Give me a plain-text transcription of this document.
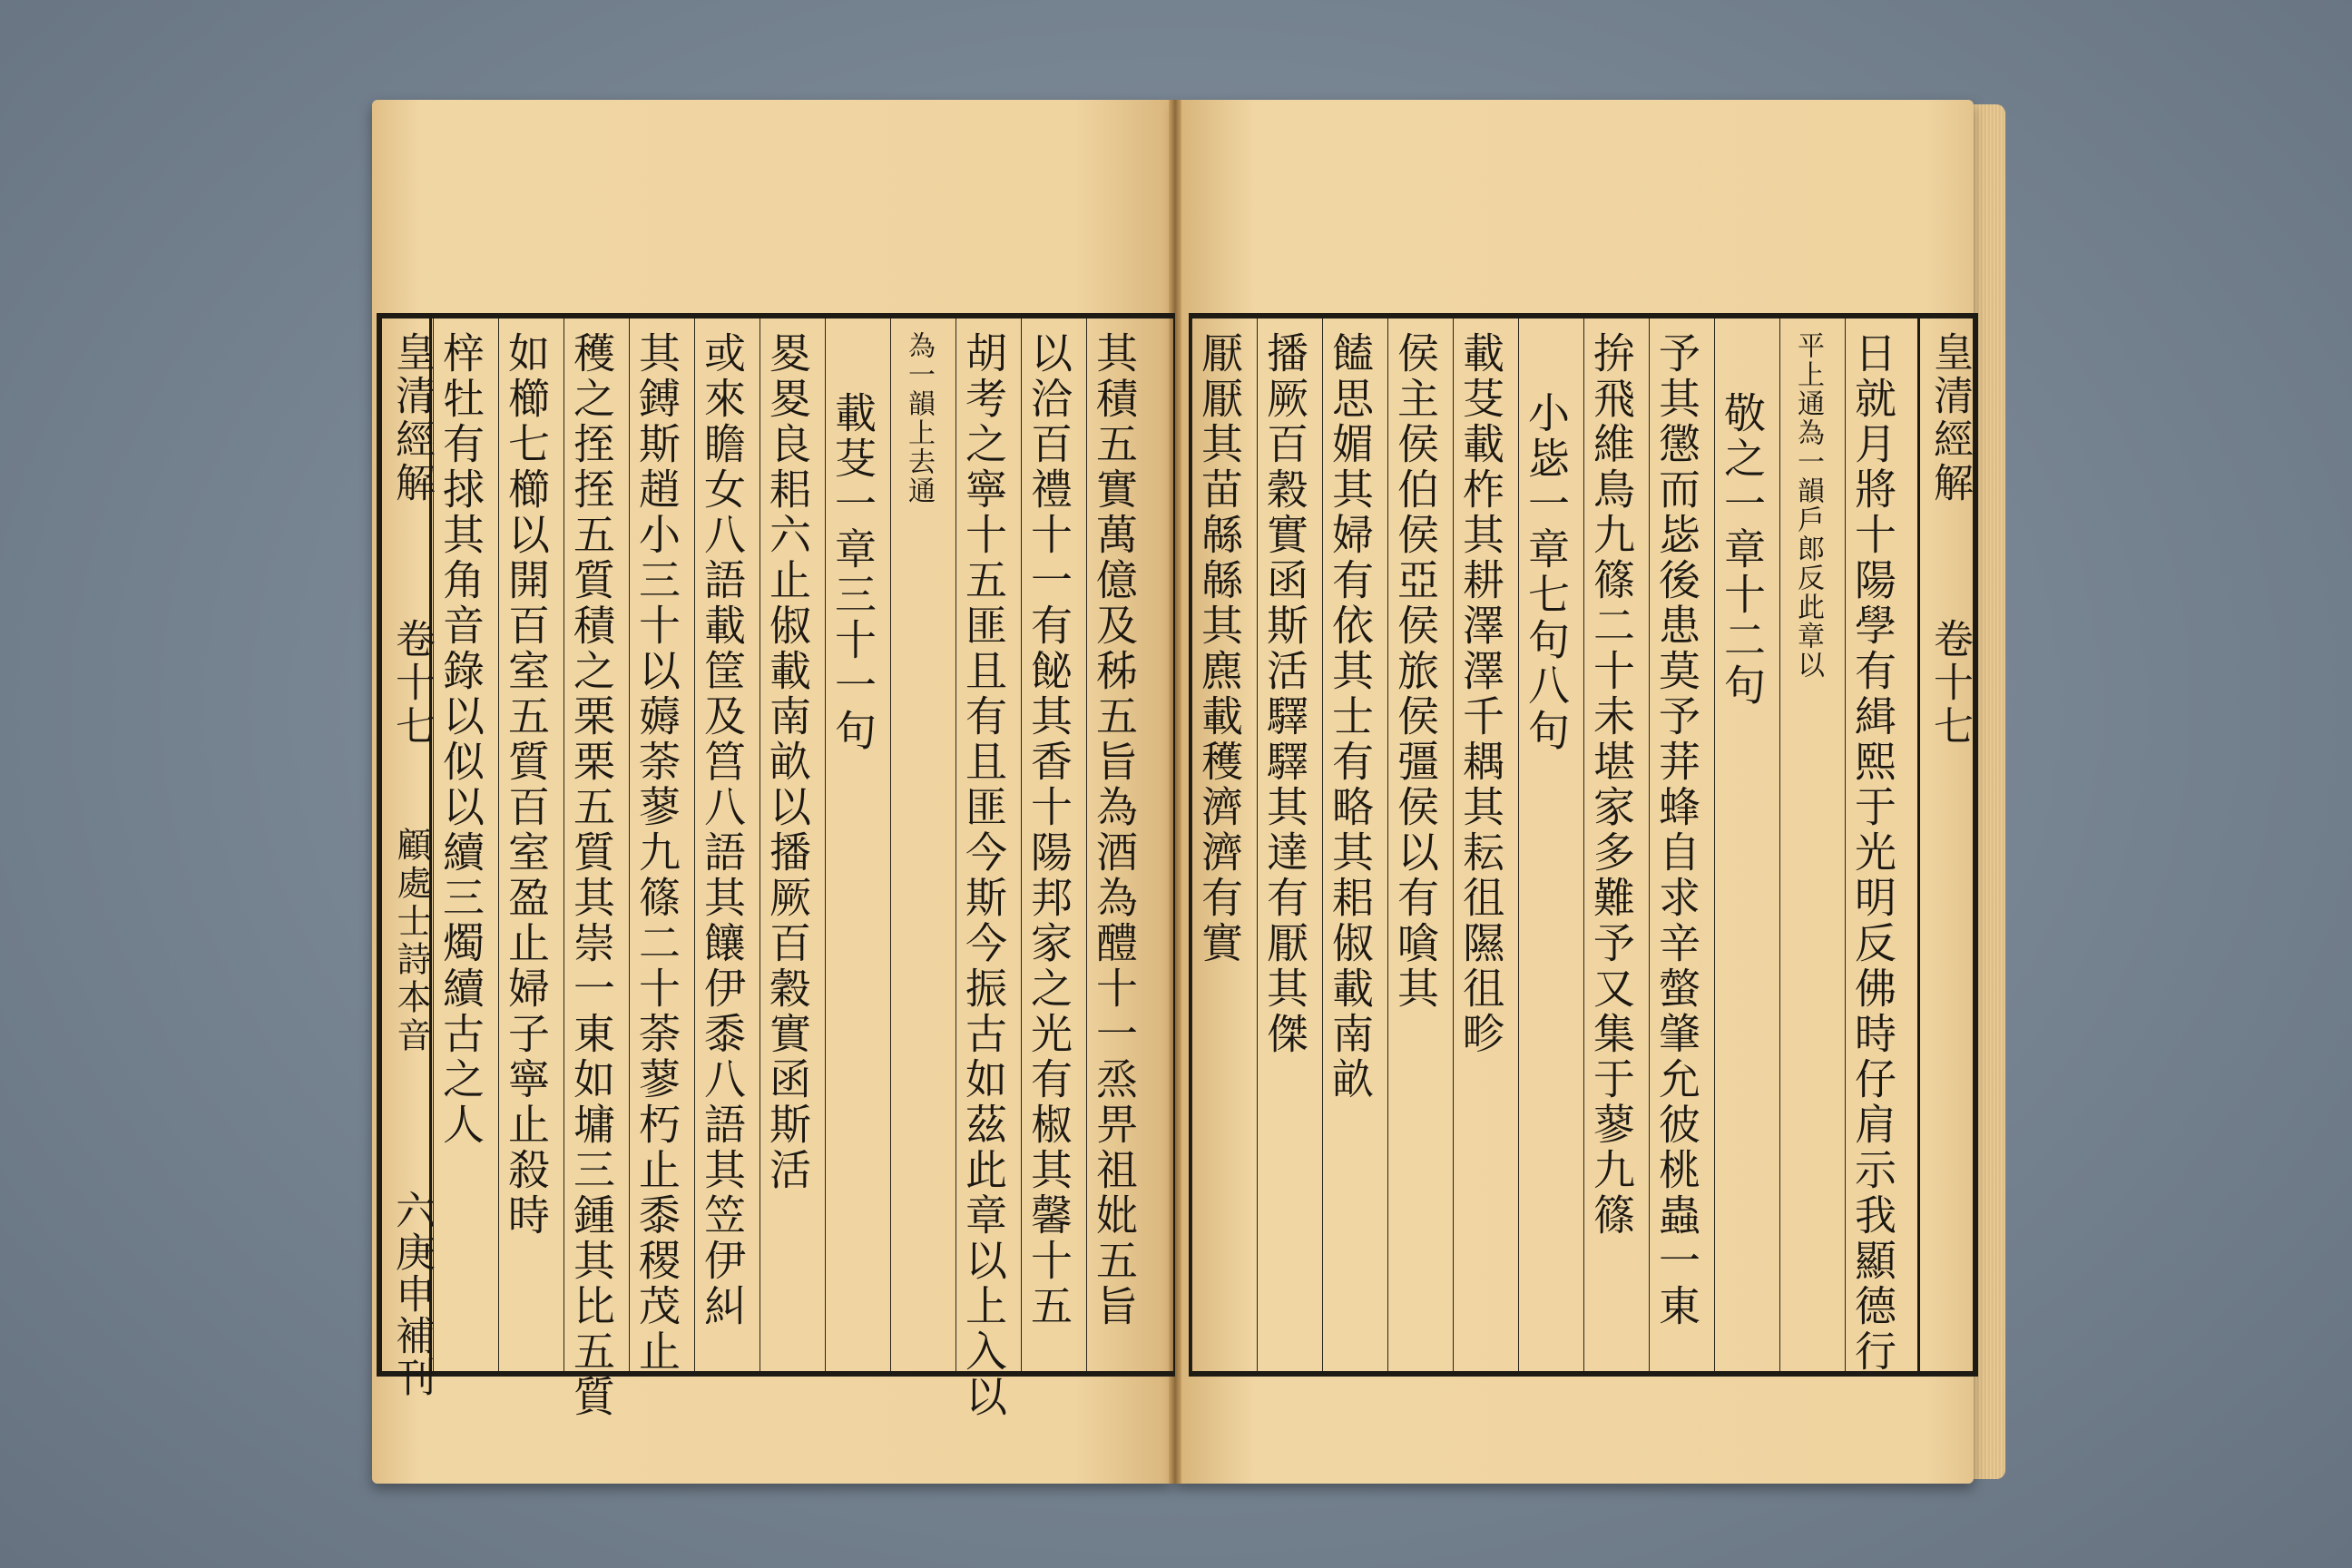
皇清經解
卷十七
顧處士詩本音
六庚申補刊
梓牡有捄其角音錄以似以續三燭續古之人 如櫛七櫛以開百室五質百室盈止婦子寧止殺時 穫之挃挃五質積之栗栗五質其崇一東如墉三鍾其比五質 其鎛斯趙小三十以薅荼蓼九篠二十荼蓼朽止黍稷茂止 或來瞻女八語載筐及筥八語其饟伊黍八語其笠伊糾 畟畟良耜六止俶載南畝以播厥百穀實函斯活 載芟一章三十一句 為一韻上去通 胡考之寧十五匪且有且匪今斯今振古如茲此章以上入以 以洽百禮十一有飶其香十陽邦家之光有椒其馨十五 其積五實萬億及秭五旨為酒為醴十一烝畀祖妣五旨 厭厭其苗緜緜其麃載穫濟濟有實 播厥百穀實函斯活驛驛其達有厭其傑 饁思媚其婦有依其士有略其耜俶載南畝 侯主侯伯侯亞侯旅侯彊侯以有嗿其 載芟載柞其耕澤澤千耦其耘徂隰徂畛 小毖一章七句八句 拚飛維鳥九篠二十未堪家多難予又集于蓼九篠 予其懲而毖後患莫予荓蜂自求辛螫肇允彼桃蟲一東 敬之一章十二句 平上通為一韻戶郎反此章以 日就月將十陽學有緝熙于光明反佛時仔肩示我顯德行 皇清經解
卷十七
